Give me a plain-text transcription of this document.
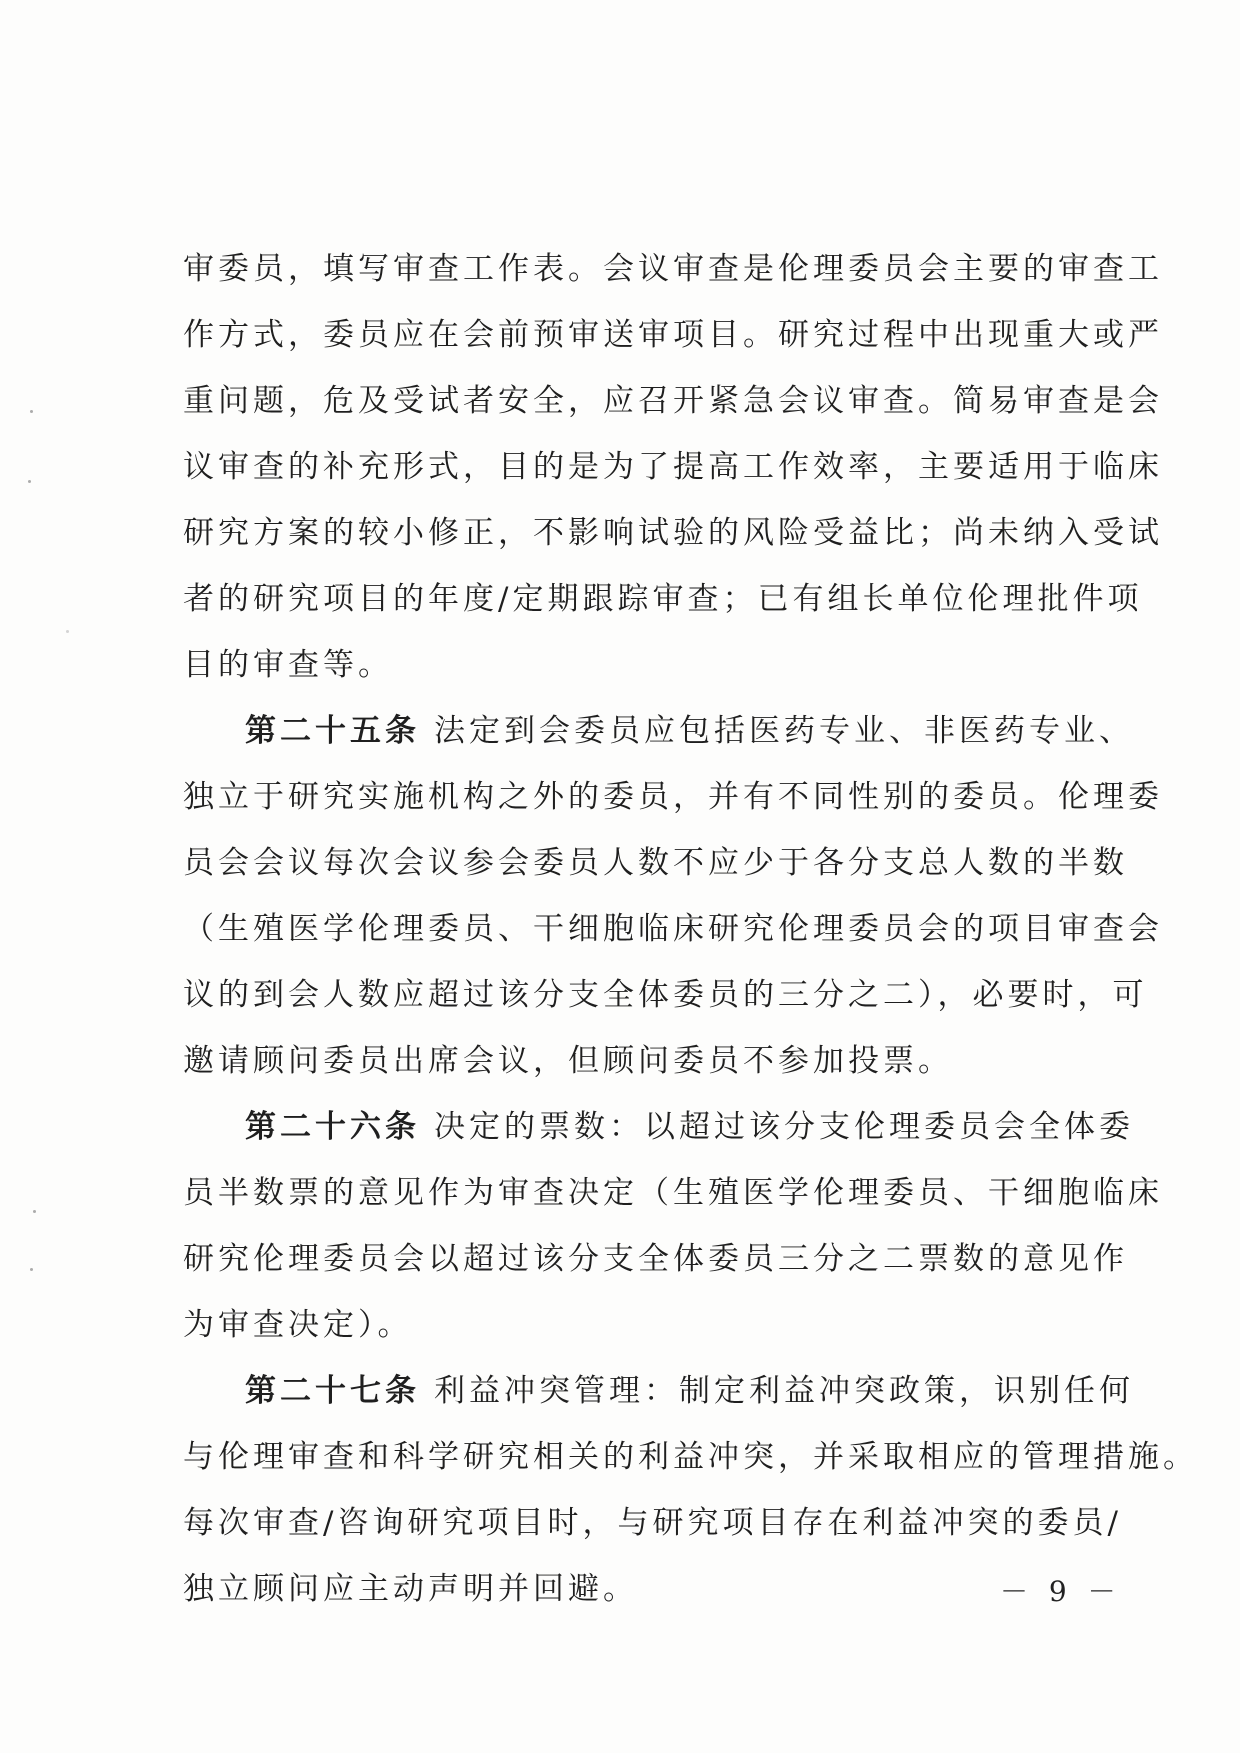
审委员，填写审查工作表。会议审查是伦理委员会主要的审查工
作方式，委员应在会前预审送审项目。研究过程中出现重大或严
重问题，危及受试者安全，应召开紧急会议审查。简易审查是会
议审查的补充形式，目的是为了提高工作效率，主要适用于临床
研究方案的较小修正，不影响试验的风险受益比；尚未纳入受试
者的研究项目的年度/定期跟踪审查；已有组长单位伦理批件项
目的审查等。

第二十五条 法定到会委员应包括医药专业、非医药专业、
独立于研究实施机构之外的委员，并有不同性别的委员。伦理委
员会会议每次会议参会委员人数不应少于各分支总人数的半数
（生殖医学伦理委员、干细胞临床研究伦理委员会的项目审查会
议的到会人数应超过该分支全体委员的三分之二），必要时，可
邀请顾问委员出席会议，但顾问委员不参加投票。

第二十六条 决定的票数：以超过该分支伦理委员会全体委
员半数票的意见作为审查决定（生殖医学伦理委员、干细胞临床
研究伦理委员会以超过该分支全体委员三分之二票数的意见作
为审查决定）。

第二十七条 利益冲突管理：制定利益冲突政策，识别任何
与伦理审查和科学研究相关的利益冲突，并采取相应的管理措施。
每次审查/咨询研究项目时，与研究项目存在利益冲突的委员/
独立顾问应主动声明并回避。	－ 9 －
